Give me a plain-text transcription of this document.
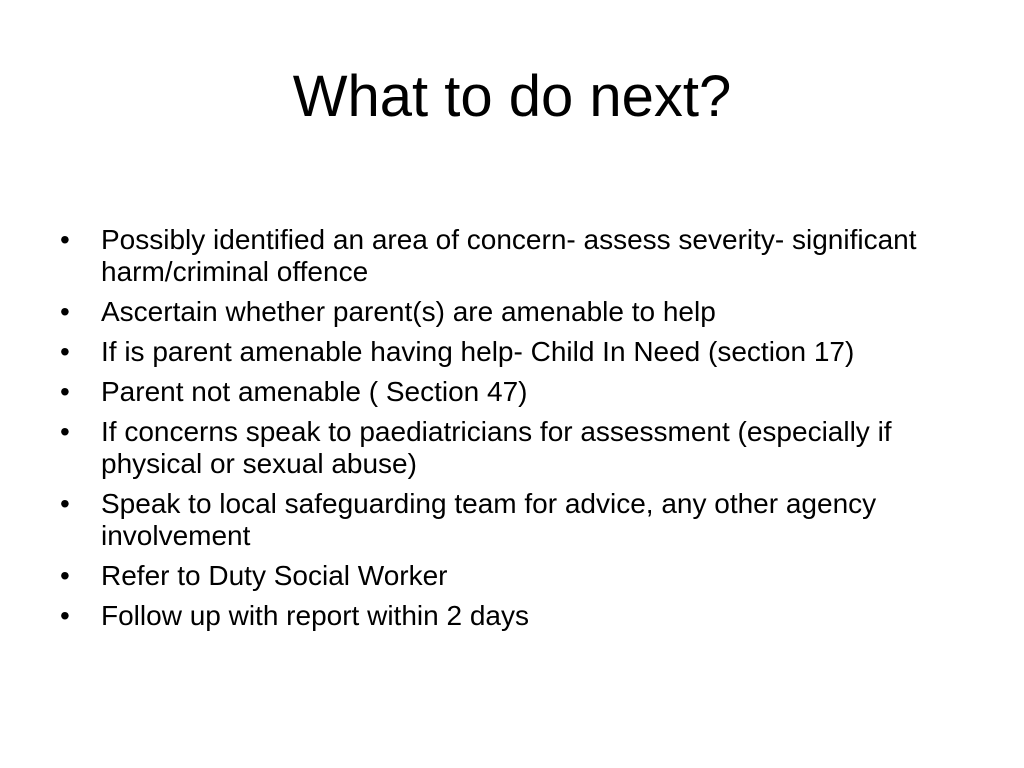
What to do next?
•	Possibly identified an area of concern- assess severity- significant harm/criminal offence
•	Ascertain whether parent(s) are amenable to help
•	If is parent amenable having help- Child In Need (section 17)
•	Parent not amenable ( Section 47)
•	If concerns speak to paediatricians for assessment (especially if physical or sexual abuse)
•	Speak to local safeguarding team for advice, any other agency involvement
•	Refer to Duty Social Worker
•	Follow up with report within 2 days
